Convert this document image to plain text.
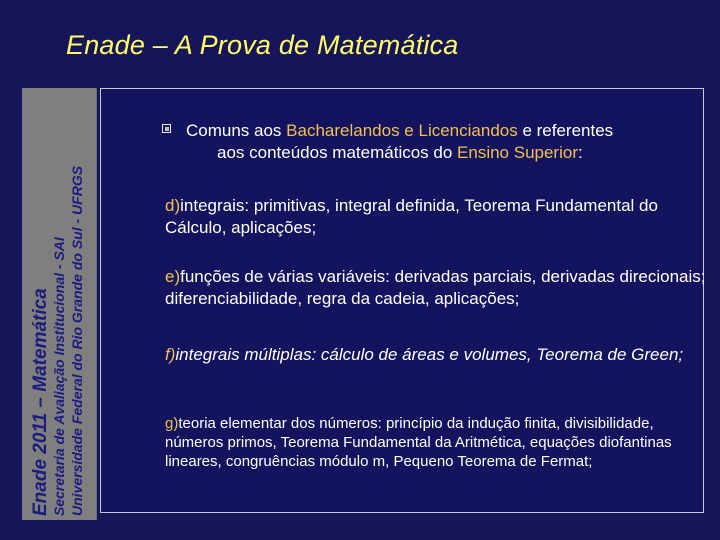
Enade 2011 – Matemática Secretaria de Avaliação Institucional - SAI Universidade Federal do Rio Grande do Sul - UFRGS
Enade – A Prova de Matemática
Comuns aos Bacharelandos e Licenciandos e referentes
aos conteúdos matemáticos do Ensino Superior:
d)integrais: primitivas, integral definida, Teorema Fundamental do Cálculo, aplicações;
e)funções de várias variáveis: derivadas parciais, derivadas direcionais; diferenciabilidade, regra da cadeia, aplicações;
f)integrais múltiplas: cálculo de áreas e volumes, Teorema de Green;
g)teoria elementar dos números: princípio da indução finita, divisibilidade, números primos, Teorema Fundamental da Aritmética, equações diofantinas lineares, congruências módulo m, Pequeno Teorema de Fermat;
